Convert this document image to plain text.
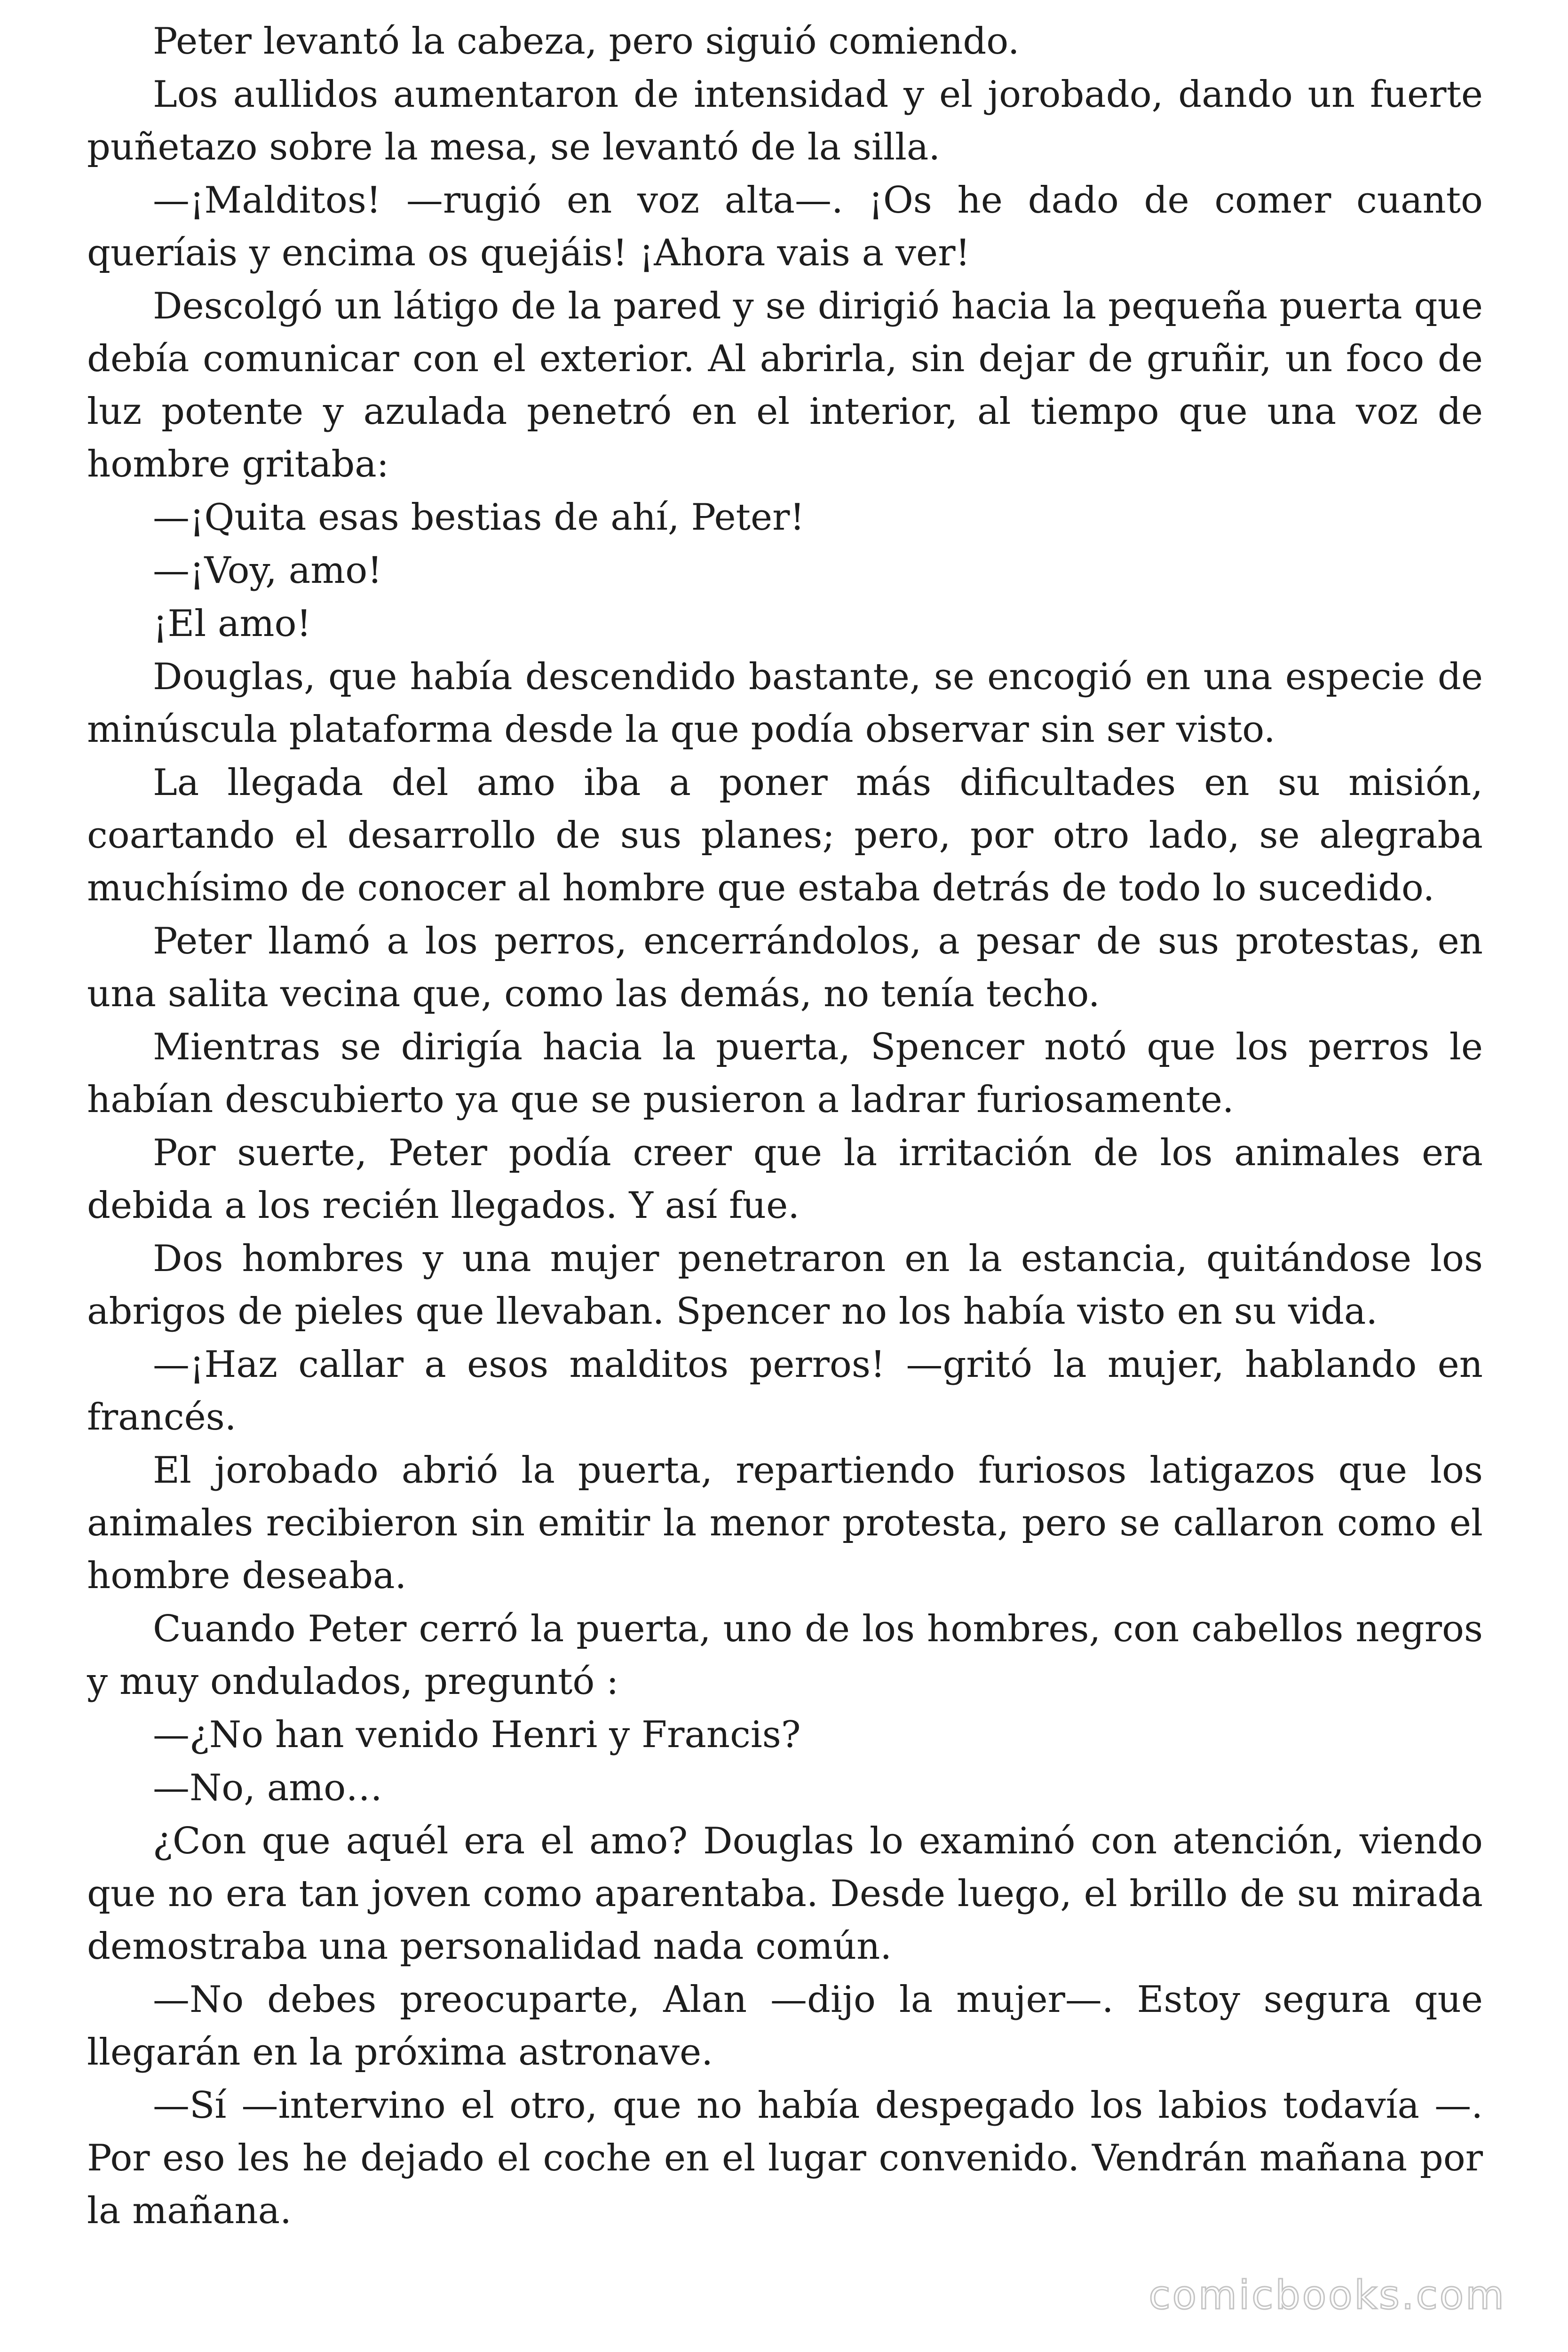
Peter levantó la cabeza, pero siguió comiendo.

Los aullidos aumentaron de intensidad y el jorobado, dando un fuerte puñetazo sobre la mesa, se levantó de la silla.

—¡Malditos! —rugió en voz alta—. ¡Os he dado de comer cuanto queríais y encima os quejáis! ¡Ahora vais a ver!

Descolgó un látigo de la pared y se dirigió hacia la pequeña puerta que debía comunicar con el exterior. Al abrirla, sin dejar de gruñir, un foco de luz potente y azulada penetró en el interior, al tiempo que una voz de hombre gritaba:

—¡Quita esas bestias de ahí, Peter!

—¡Voy, amo!

¡El amo!

Douglas, que había descendido bastante, se encogió en una especie de minúscula plataforma desde la que podía observar sin ser visto.

La llegada del amo iba a poner más dificultades en su misión, coartando el desarrollo de sus planes; pero, por otro lado, se alegraba muchísimo de conocer al hombre que estaba detrás de todo lo sucedido.

Peter llamó a los perros, encerrándolos, a pesar de sus protestas, en una salita vecina que, como las demás, no tenía techo.

Mientras se dirigía hacia la puerta, Spencer notó que los perros le habían descubierto ya que se pusieron a ladrar furiosamente.

Por suerte, Peter podía creer que la irritación de los animales era debida a los recién llegados. Y así fue.

Dos hombres y una mujer penetraron en la estancia, quitándose los abrigos de pieles que llevaban. Spencer no los había visto en su vida.

—¡Haz callar a esos malditos perros! —gritó la mujer, hablando en francés.

El jorobado abrió la puerta, repartiendo furiosos latigazos que los animales recibieron sin emitir la menor protesta, pero se callaron como el hombre deseaba.

Cuando Peter cerró la puerta, uno de los hombres, con cabellos negros y muy ondulados, preguntó :

—¿No han venido Henri y Francis?

—No, amo…

¿Con que aquél era el amo? Douglas lo examinó con atención, viendo que no era tan joven como aparentaba. Desde luego, el brillo de su mirada demostraba una personalidad nada común.

—No debes preocuparte, Alan —dijo la mujer—. Estoy segura que llegarán en la próxima astronave.

—Sí —intervino el otro, que no había despegado los labios todavía —. Por eso les he dejado el coche en el lugar convenido. Vendrán mañana por la mañana.

comicbooks.com
